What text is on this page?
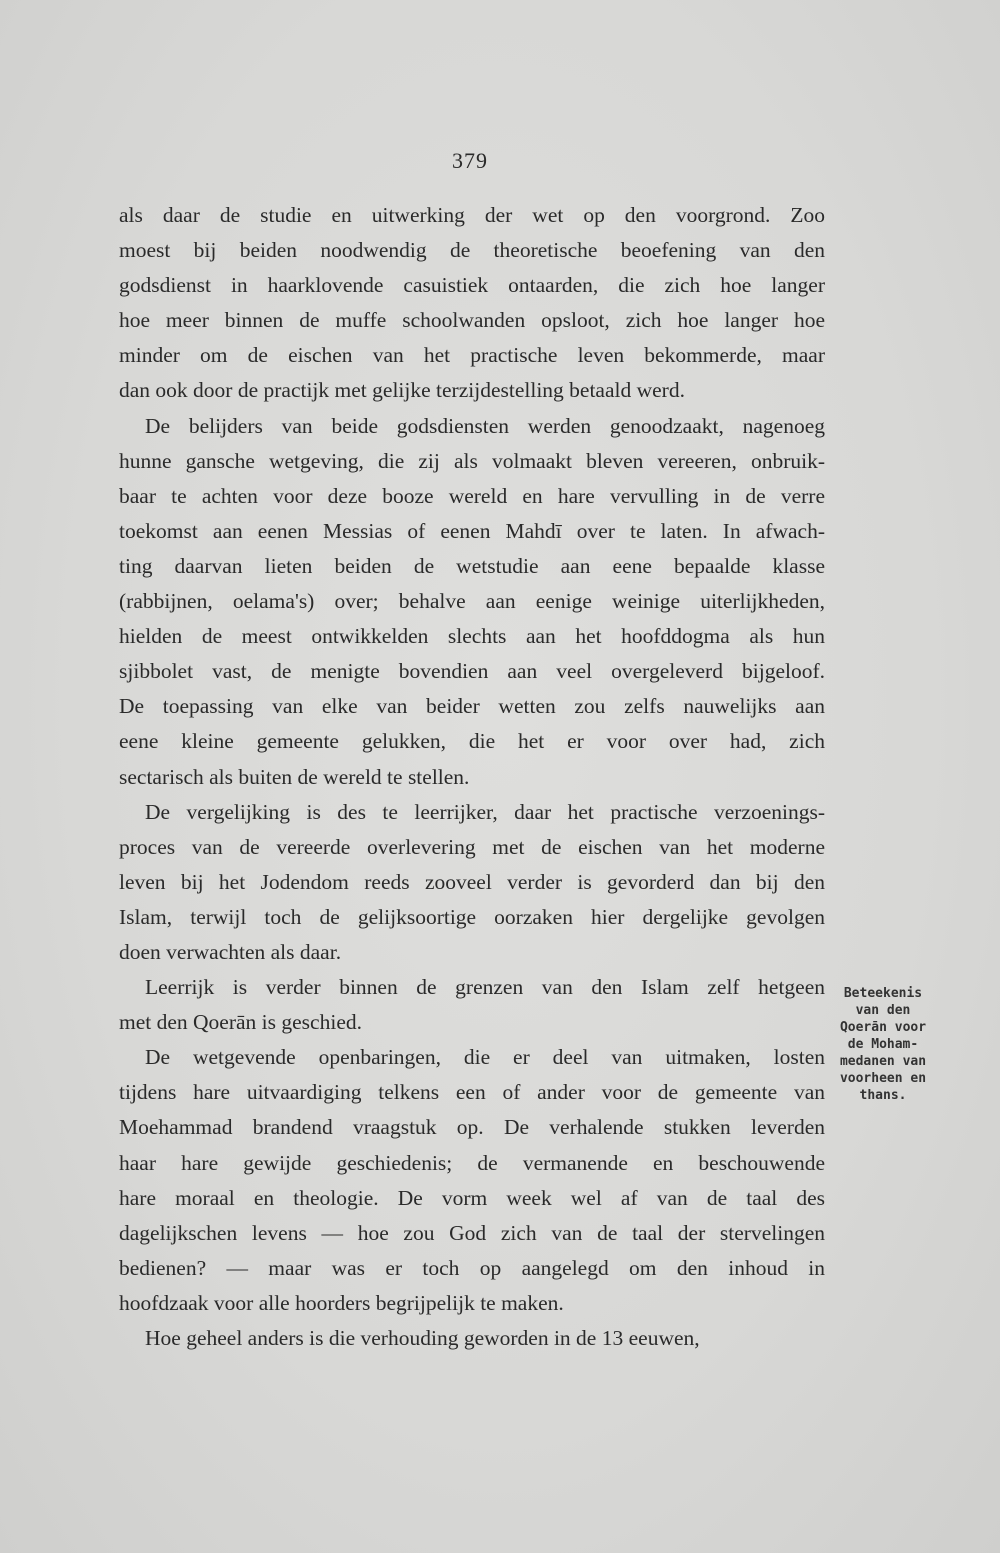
379
als daar de studie en uitwerking der wet op den voorgrond. Zoo
moest bij beiden noodwendig de theoretische beoefening van den
godsdienst in haarklovende casuistiek ontaarden, die zich hoe langer
hoe meer binnen de muffe schoolwanden opsloot, zich hoe langer hoe
minder om de eischen van het practische leven bekommerde, maar
dan ook door de practijk met gelijke terzijdestelling betaald werd.
De belijders van beide godsdiensten werden genoodzaakt, nagenoeg
hunne gansche wetgeving, die zij als volmaakt bleven vereeren, onbruik-
baar te achten voor deze booze wereld en hare vervulling in de verre
toekomst aan eenen Messias of eenen Mahdī over te laten. In afwach-
ting daarvan lieten beiden de wetstudie aan eene bepaalde klasse
(rabbijnen, oelama's) over; behalve aan eenige weinige uiterlijkheden,
hielden de meest ontwikkelden slechts aan het hoofddogma als hun
sjibbolet vast, de menigte bovendien aan veel overgeleverd bijgeloof.
De toepassing van elke van beider wetten zou zelfs nauwelijks aan
eene kleine gemeente gelukken, die het er voor over had, zich
sectarisch als buiten de wereld te stellen.
De vergelijking is des te leerrijker, daar het practische verzoenings-
proces van de vereerde overlevering met de eischen van het moderne
leven bij het Jodendom reeds zooveel verder is gevorderd dan bij den
Islam, terwijl toch de gelijksoortige oorzaken hier dergelijke gevolgen
doen verwachten als daar.
Leerrijk is verder binnen de grenzen van den Islam zelf hetgeen
met den Qoerān is geschied.
De wetgevende openbaringen, die er deel van uitmaken, losten
tijdens hare uitvaardiging telkens een of ander voor de gemeente van
Moehammad brandend vraagstuk op. De verhalende stukken leverden
haar hare gewijde geschiedenis; de vermanende en beschouwende
hare moraal en theologie. De vorm week wel af van de taal des
dagelijkschen levens — hoe zou God zich van de taal der stervelingen
bedienen? — maar was er toch op aangelegd om den inhoud in
hoofdzaak voor alle hoorders begrijpelijk te maken.
Hoe geheel anders is die verhouding geworden in de 13 eeuwen,
Beteekenis
van den
Qoerān voor
de Moham-
medanen van
voorheen en
thans.
